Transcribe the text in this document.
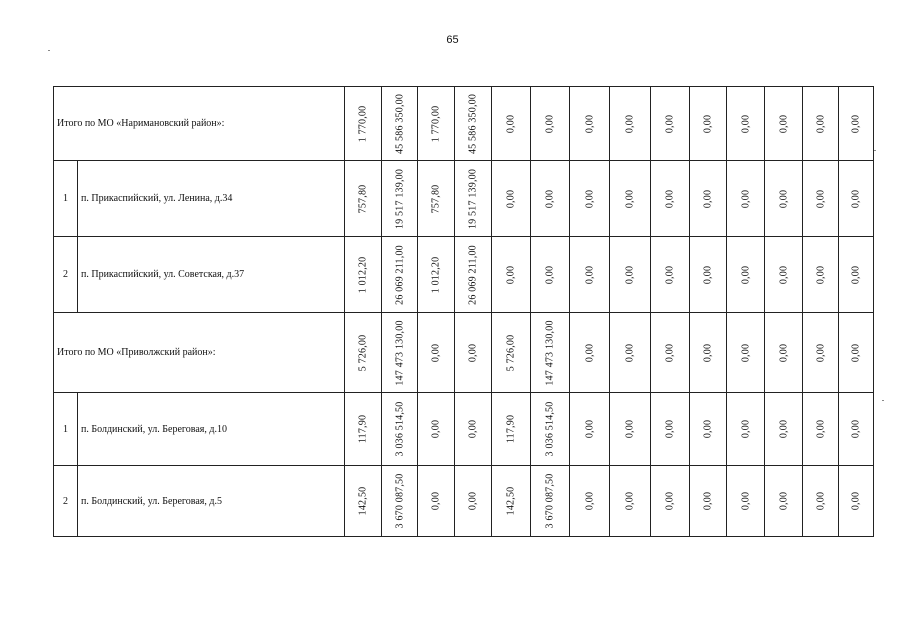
65
Итого по МО «Наримановский район»:		1 770,00	45 586 350,00	1 770,00	45 586 350,00	0,00	0,00	0,00	0,00	0,00	0,00	0,00	0,00	0,00	0,00

1	п. Прикаспийский, ул. Ленина, д.34	757,80	19 517 139,00	757,80	19 517 139,00	0,00	0,00	0,00	0,00	0,00	0,00	0,00	0,00	0,00	0,00

2	п. Прикаспийский, ул. Советская, д.37	1 012,20	26 069 211,00	1 012,20	26 069 211,00	0,00	0,00	0,00	0,00	0,00	0,00	0,00	0,00	0,00	0,00

Итого по МО «Приволжский район»:		5 726,00	147 473 130,00	0,00	0,00	5 726,00	147 473 130,00	0,00	0,00	0,00	0,00	0,00	0,00	0,00	0,00

1	п. Болдинский, ул. Береговая, д.10	117,90	3 036 514,50	0,00	0,00	117,90	3 036 514,50	0,00	0,00	0,00	0,00	0,00	0,00	0,00	0,00

2	п. Болдинский, ул. Береговая, д.5	142,50	3 670 087,50	0,00	0,00	142,50	3 670 087,50	0,00	0,00	0,00	0,00	0,00	0,00	0,00	0,00
